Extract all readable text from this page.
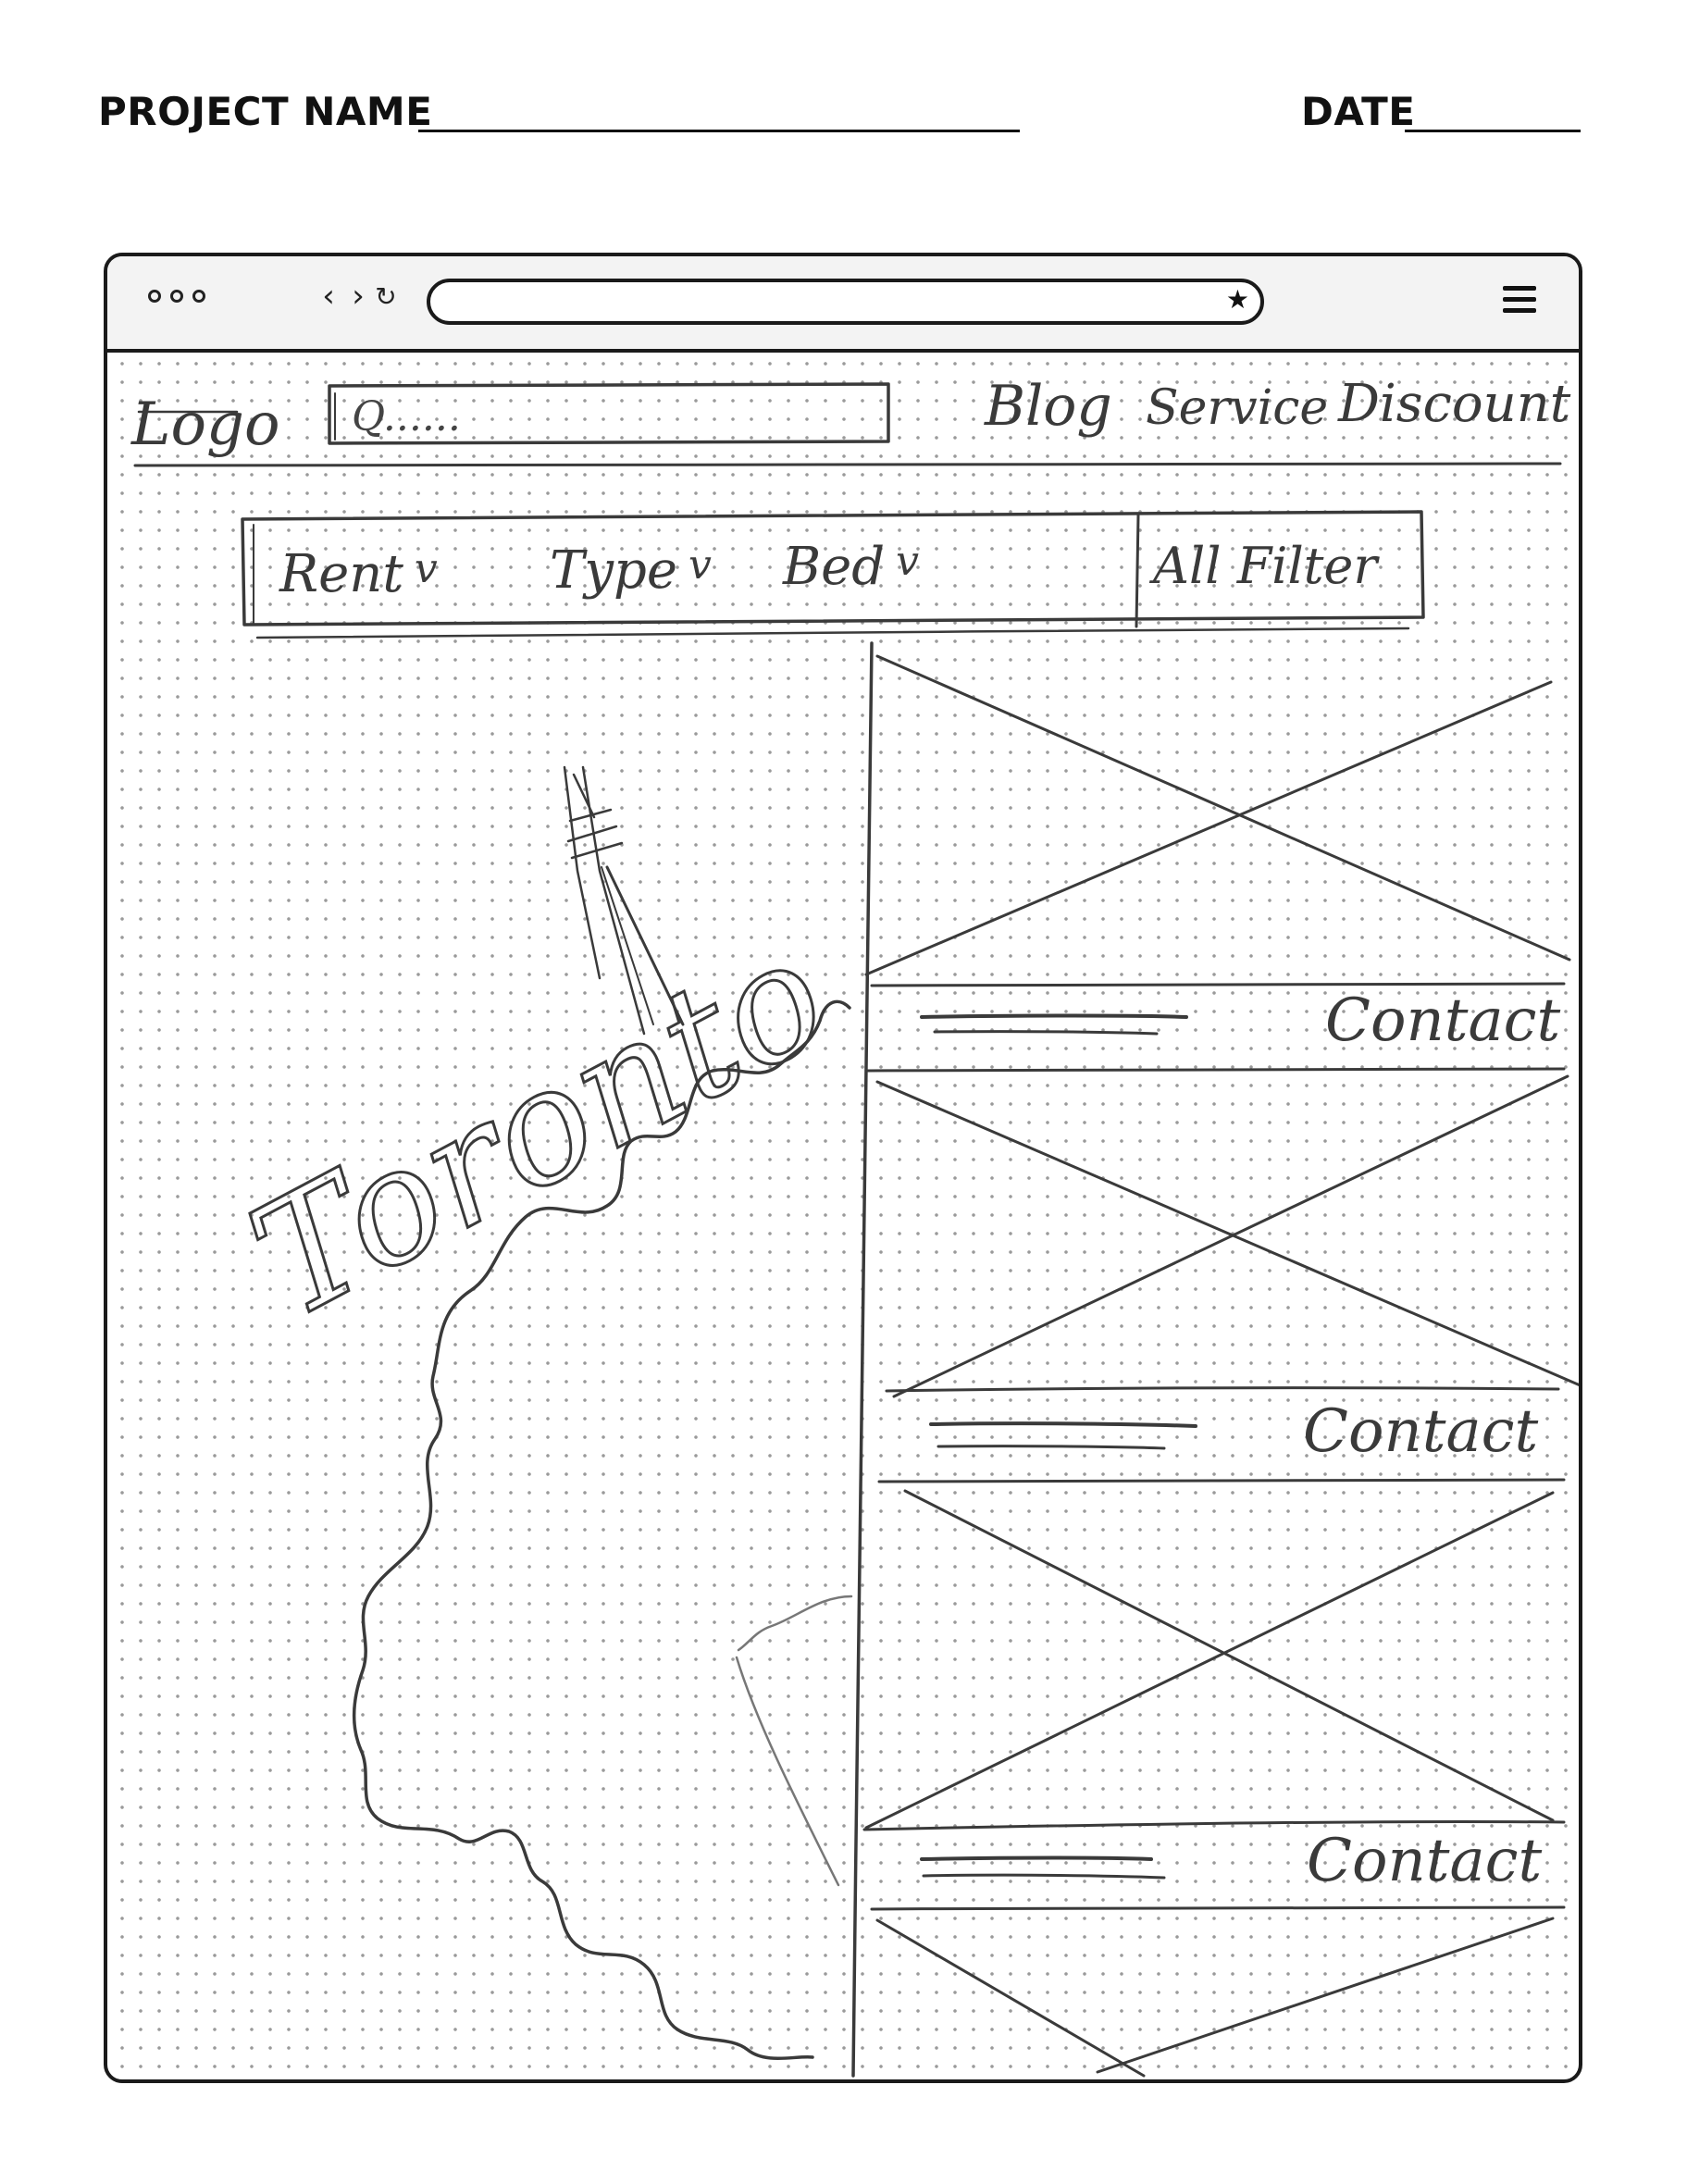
PROJECT NAME	DATE
‹ › ↻	★
Toronto
Logo Q......	Blog Service Discount
Rent v Type v Bed v	All Filter
Contact
Contact
Contact
